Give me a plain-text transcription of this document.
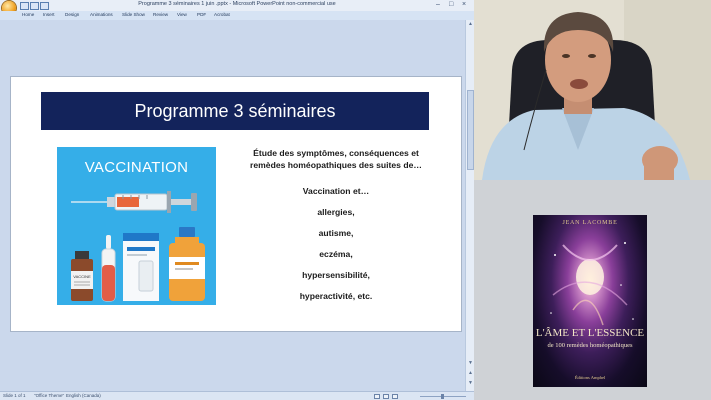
Programme 3 séminaires 1 juin .pptx - Microsoft PowerPoint non-commercial use	– □ ×
Home Insert Design Animations Slide Show Review View PDF Acrobat
▲
▼
▲
▼
Slide 1 of 1 "Office Theme" English (Canada)
Programme 3 séminaires
VACCINE
VACCINATION
Étude des symptômes, conséquences et
remèdes homéopathiques des suites de…
Vaccination et…
allergies,
autisme,
eczéma,
hypersensibilité,
hyperactivité, etc.
JEAN LACOMBE
L'ÂME ET L'ESSENCE
de 100 remèdes homéopathiques
Éditions Amphel
